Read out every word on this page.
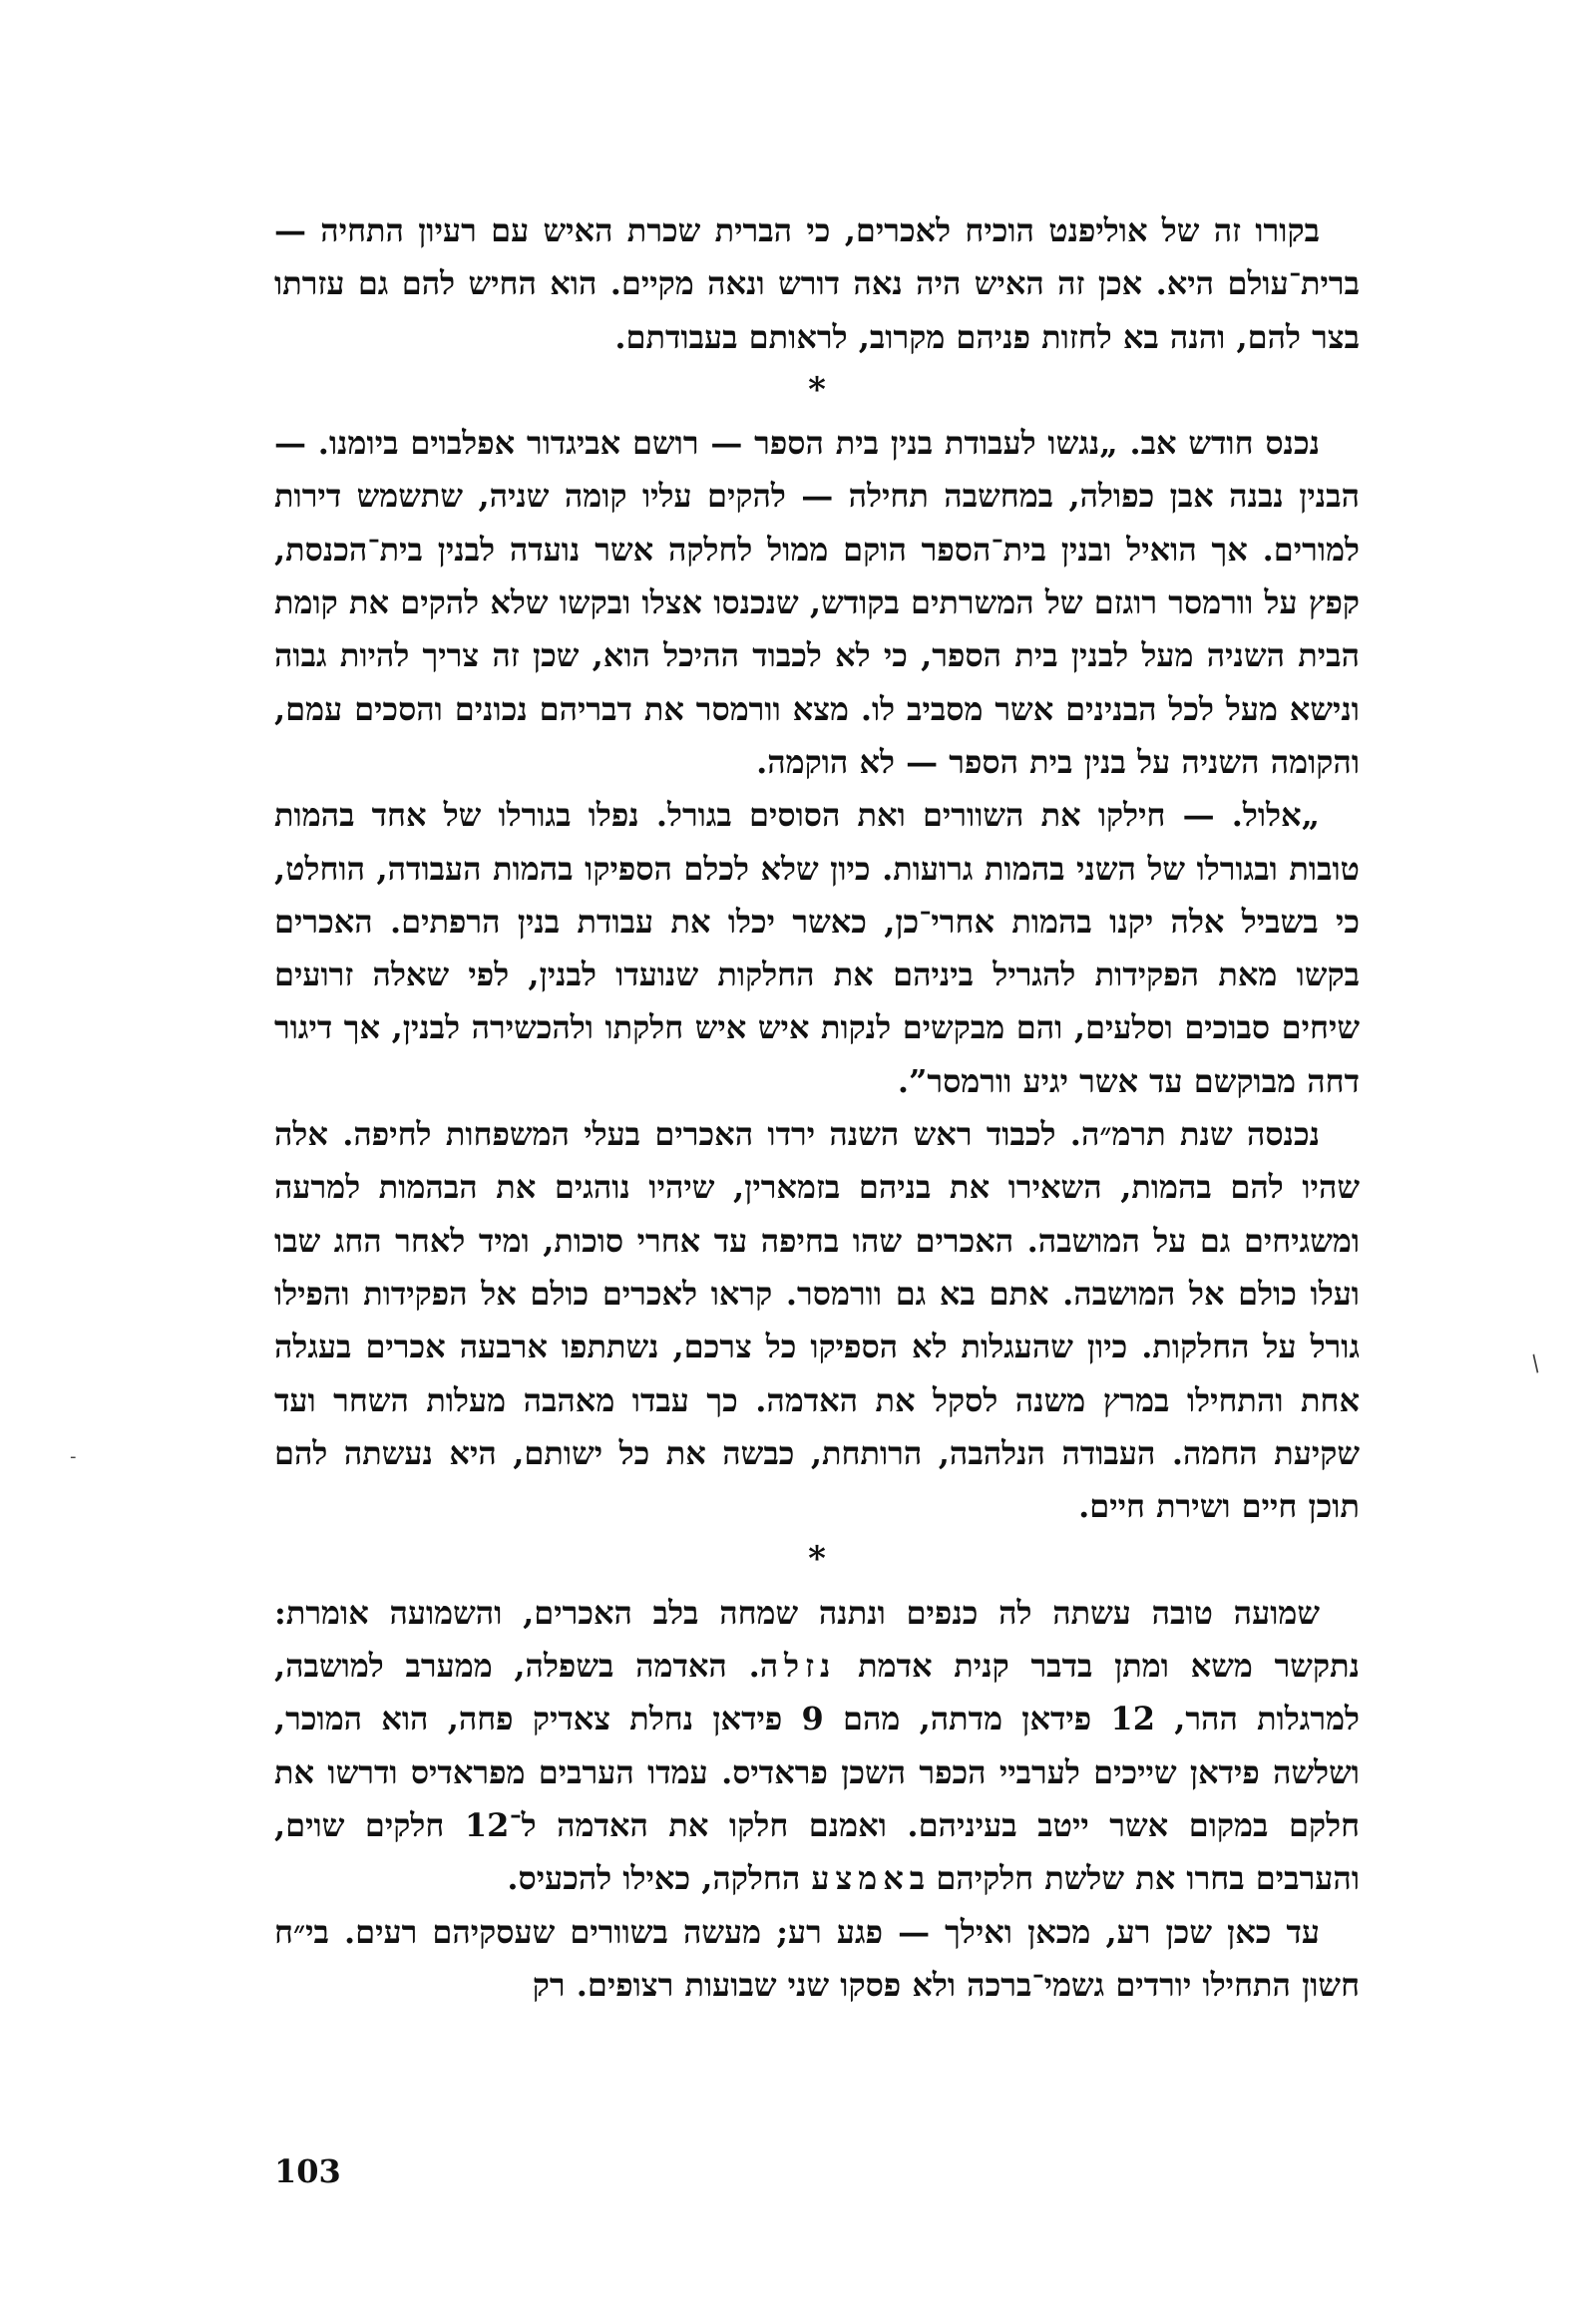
בקורו זה של אוליפנט הוכיח לאכרים, כי הברית שכרת האיש עם רעיון התחיה — ברית־עולם היא. אכן זה האיש היה נאה דורש ונאה מקיים. הוא החיש להם גם עזרתו בצר להם, והנה בא לחזות פניהם מקרוב, לראותם בעבודתם.

*

נכנס חודש אב. „נגשו לעבודת בנין בית הספר — רושם אביגדור אפלבוים ביומנו. — הבנין נבנה אבן כפולה, במחשבה תחילה — להקים עליו קומה שניה, שתשמש דירות למורים. אך הואיל ובנין בית־הספר הוקם ממול לחלקה אשר נועדה לבנין בית־הכנסת, קפץ על וורמסר רוגזם של המשרתים בקודש, שנכנסו אצלו ובקשו שלא להקים את קומת הבית השניה מעל לבנין בית הספר, כי לא לכבוד ההיכל הוא, שכן זה צריך להיות גבוה ונישא מעל לכל הבנינים אשר מסביב לו. מצא וורמסר את דבריהם נכונים והסכים עמם, והקומה השניה על בנין בית הספר — לא הוקמה.

„אלול. — חילקו את השוורים ואת הסוסים בגורל. נפלו בגורלו של אחד בהמות טובות ובגורלו של השני בהמות גרועות. כיון שלא לכלם הספיקו בהמות העבודה, הוחלט, כי בשביל אלה יקנו בהמות אחרי־כן, כאשר יכלו את עבודת בנין הרפתים. האכרים בקשו מאת הפקידות להגריל ביניהם את החלקות שנועדו לבנין, לפי שאלה זרועים שיחים סבוכים וסלעים, והם מבקשים לנקות איש איש חלקתו ולהכשירה לבנין, אך דיגור דחה מבוקשם עד אשר יגיע וורמסר”.

נכנסה שנת תרמ״ה. לכבוד ראש השנה ירדו האכרים בעלי המשפחות לחיפה. אלה שהיו להם בהמות, השאירו את בניהם בזמארין, שיהיו נוהגים את הבהמות למרעה ומשגיחים גם על המושבה. האכרים שהו בחיפה עד אחרי סוכות, ומיד לאחר החג שבו ועלו כולם אל המושבה. אתם בא גם וורמסר. קראו לאכרים כולם אל הפקידות והפילו גורל על החלקות. כיון שהעגלות לא הספיקו כל צרכם, נשתתפו ארבעה אכרים בעגלה אחת והתחילו במרץ משנה לסקל את האדמה. כך עבדו מאהבה מעלות השחר ועד שקיעת החמה. העבודה הנלהבה, הרותחת, כבשה את כל ישותם, היא נעשתה להם תוכן חיים ושירת חיים.

*

שמועה טובה עשתה לה כנפים ונתנה שמחה בלב האכרים, והשמועה אומרת: נתקשר משא ומתן בדבר קנית אדמת נזלה. האדמה בשפלה, ממערב למושבה, למרגלות ההר, 12 פידאן מדתה, מהם 9 פידאן נחלת צאדיק פחה, הוא המוכר, ושלשה פידאן שייכים לערביי הכפר השכן פראדיס. עמדו הערבים מפראדיס ודרשו את חלקם במקום אשר ייטב בעיניהם. ואמנם חלקו את האדמה ל־12 חלקים שוים, והערבים בחרו את שלשת חלקיהם באמצע החלקה, כאילו להכעיס.

עד כאן שכן רע, מכאן ואילך — פגע רע; מעשה בשוורים שעסקיהם רעים. בי״ח חשון התחילו יורדים גשמי־ברכה ולא פסקו שני שבועות רצופים. רק

103
/
-
